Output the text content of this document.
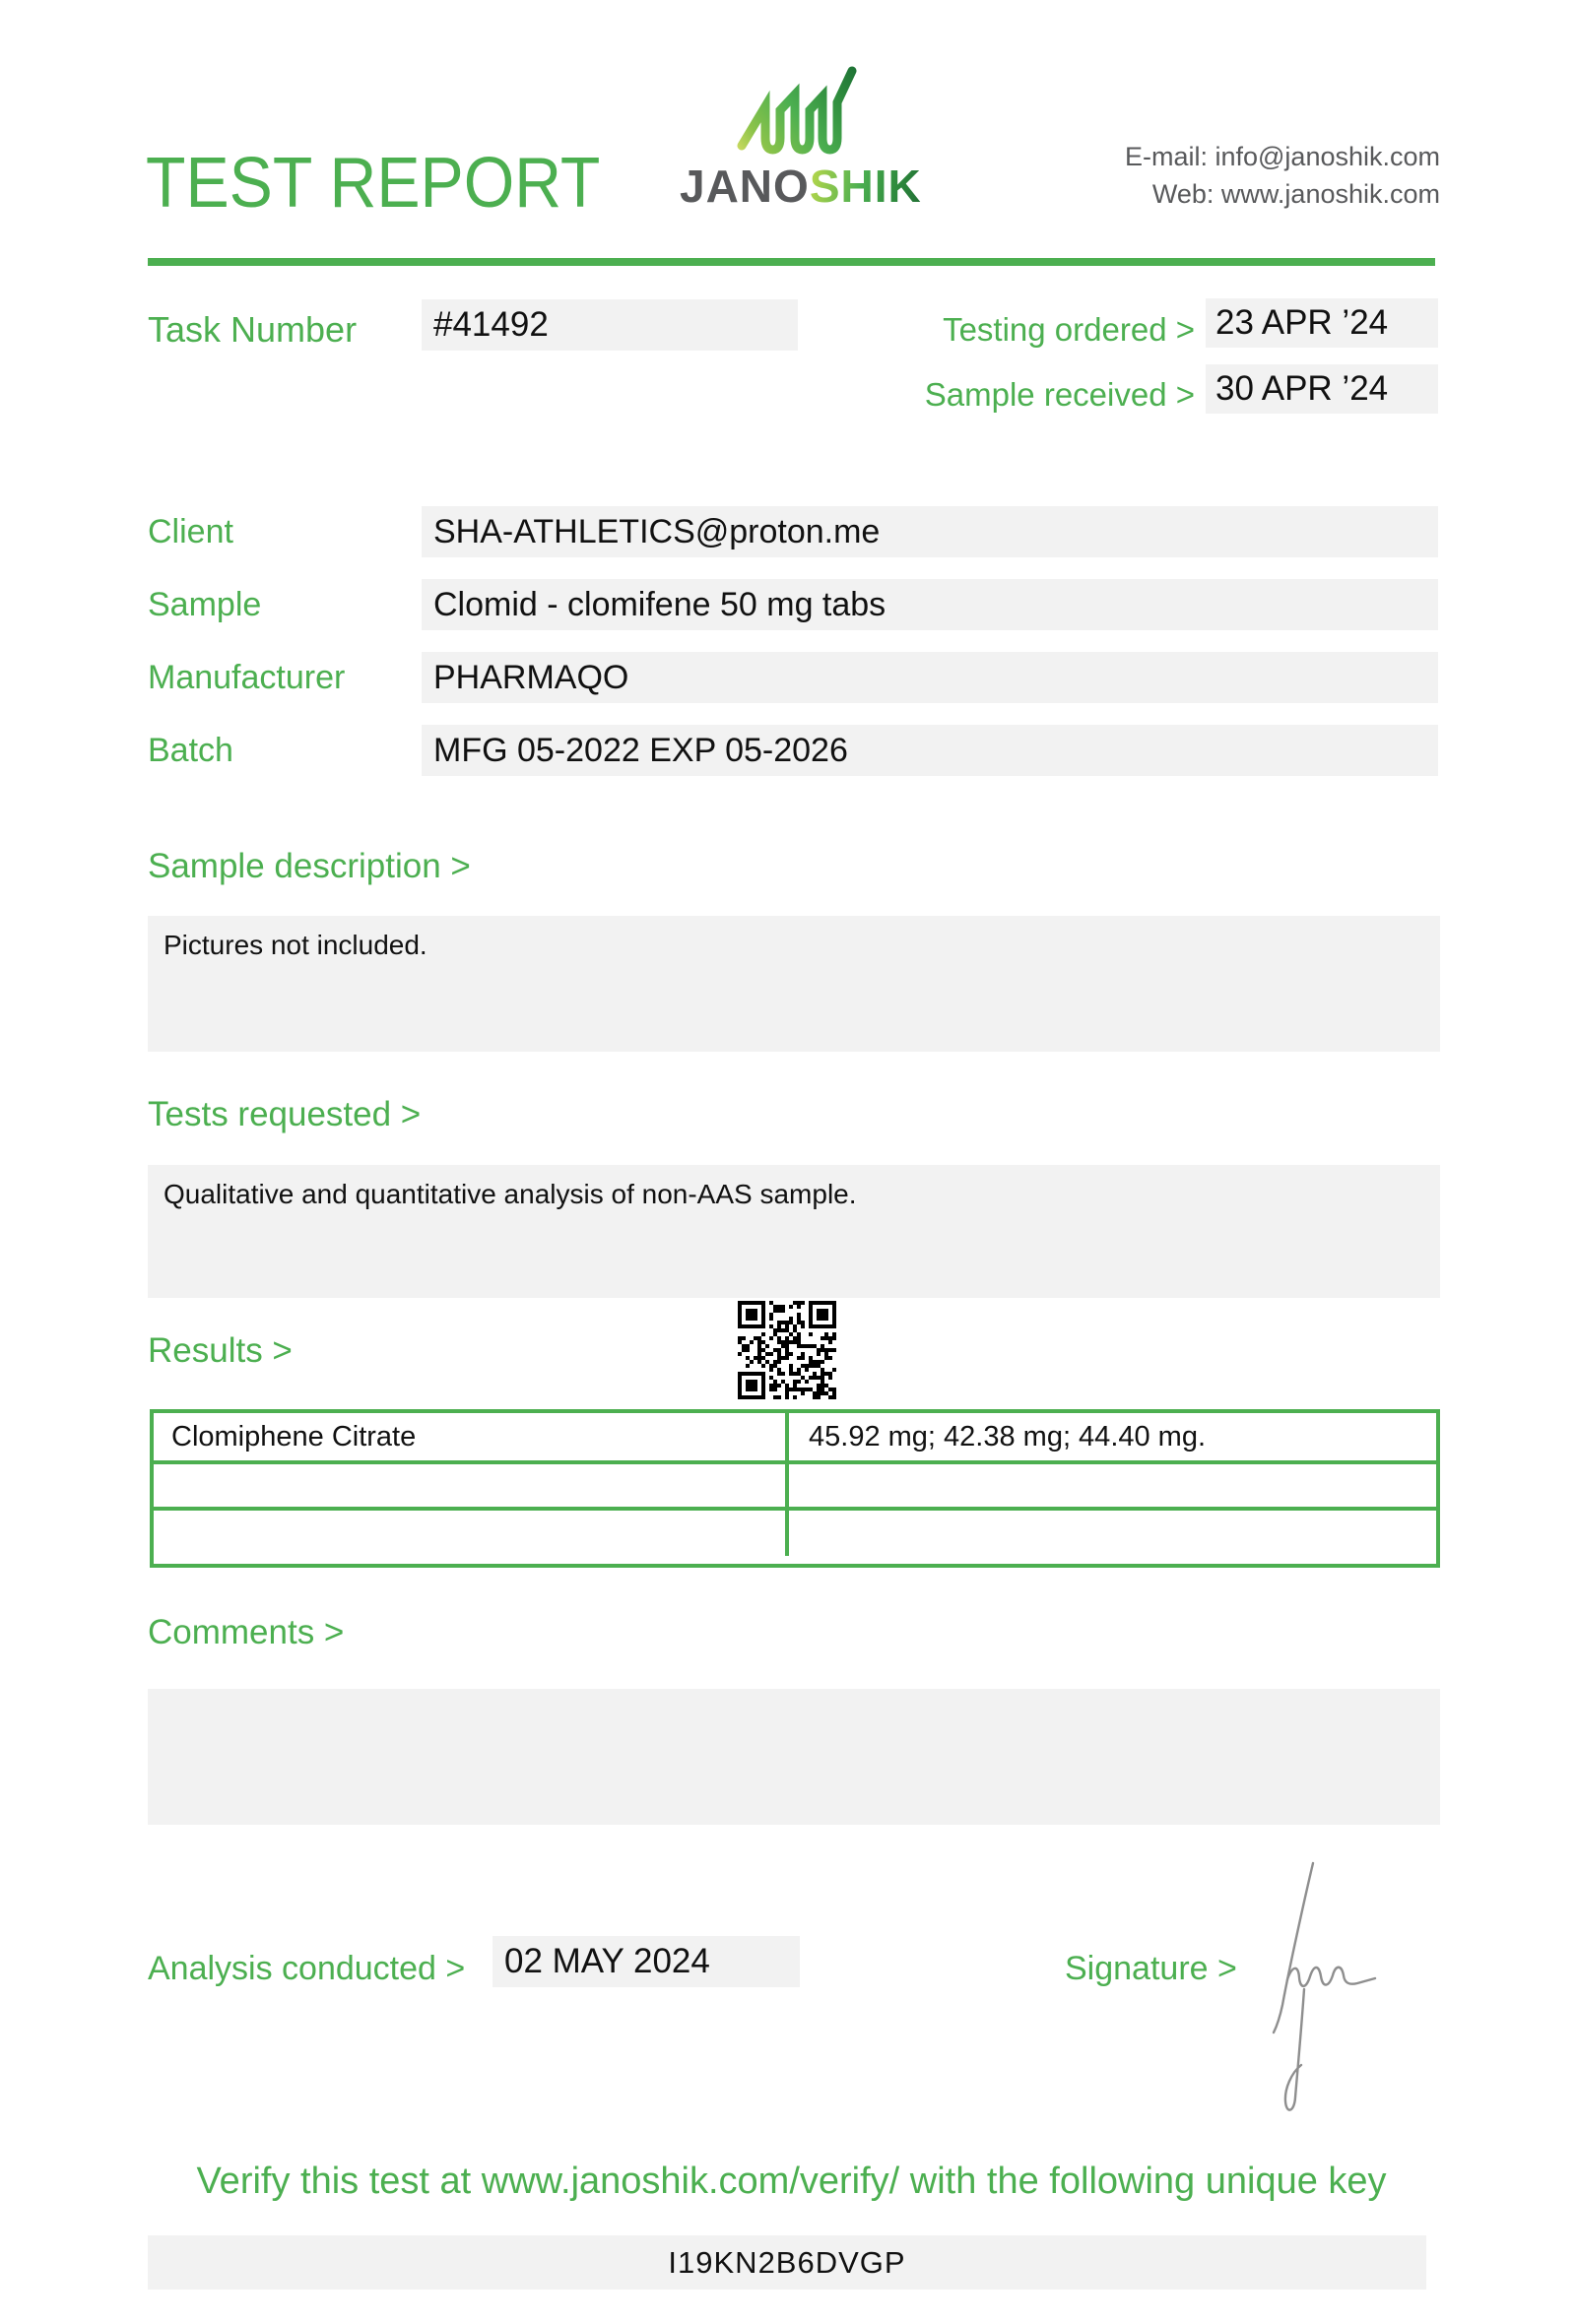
TEST REPORT JANOSHIK
E-mail: info@janoshik.com
Web: www.janoshik.com
Task Number	#41492	Testing ordered > 23 APR ’24
Sample received > 30 APR ’24
Client	SHA-ATHLETICS@proton.me
Sample	Clomid - clomifene 50 mg tabs
Manufacturer	PHARMAQO
Batch	MFG 05-2022 EXP 05-2026
Sample description >
Pictures not included.
Tests requested >
Qualitative and quantitative analysis of non-AAS sample.
Results >
Clomiphene Citrate	45.92 mg; 42.38 mg; 44.40 mg.
Comments >
Analysis conducted >	02 MAY 2024	Signature >
Verify this test at www.janoshik.com/verify/ with the following unique key
I19KN2B6DVGP
